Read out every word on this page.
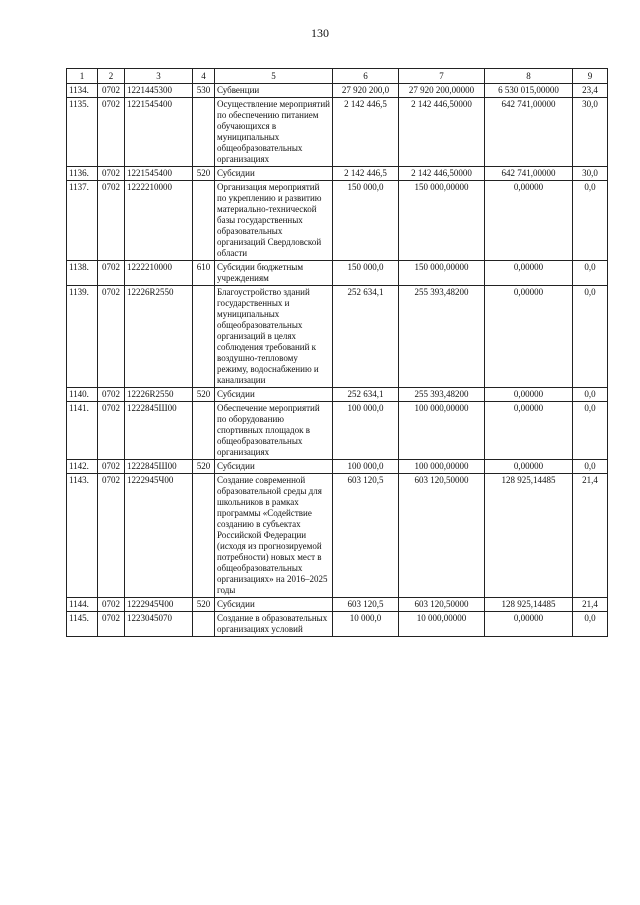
130
1	2	3	4	5	6	7	8	9
1134.	0702	1221445300	530	Субвенции	27 920 200,0	27 920 200,00000	6 530 015,00000	23,4
1135.	0702	1221545400		Осуществление мероприятий по обеспечению питанием обучающихся в муниципальных общеобразовательных организациях	2 142 446,5	2 142 446,50000	642 741,00000	30,0
1136.	0702	1221545400	520	Субсидии	2 142 446,5	2 142 446,50000	642 741,00000	30,0
1137.	0702	1222210000		Организация мероприятий по укреплению и развитию материально-технической базы государственных образовательных организаций Свердловской области	150 000,0	150 000,00000	0,00000	0,0
1138.	0702	1222210000	610	Субсидии бюджетным учреждениям	150 000,0	150 000,00000	0,00000	0,0
1139.	0702	12226R2550		Благоустройство зданий государственных и муниципальных общеобразовательных организаций в целях соблюдения требований к воздушно-тепловому режиму, водоснабжению и канализации	252 634,1	255 393,48200	0,00000	0,0
1140.	0702	12226R2550	520	Субсидии	252 634,1	255 393,48200	0,00000	0,0
1141.	0702	1222845Ш00		Обеспечение мероприятий по оборудованию спортивных площадок в общеобразовательных организациях	100 000,0	100 000,00000	0,00000	0,0
1142.	0702	1222845Ш00	520	Субсидии	100 000,0	100 000,00000	0,00000	0,0
1143.	0702	1222945Ч00		Создание современной образовательной среды для школьников в рамках программы «Содействие созданию в субъектах Российской Федерации (исходя из прогнозируемой потребности) новых мест в общеобразовательных организациях» на 2016–2025 годы	603 120,5	603 120,50000	128 925,14485	21,4
1144.	0702	1222945Ч00	520	Субсидии	603 120,5	603 120,50000	128 925,14485	21,4
1145.	0702	1223045070		Создание в образовательных организациях условий	10 000,0	10 000,00000	0,00000	0,0
